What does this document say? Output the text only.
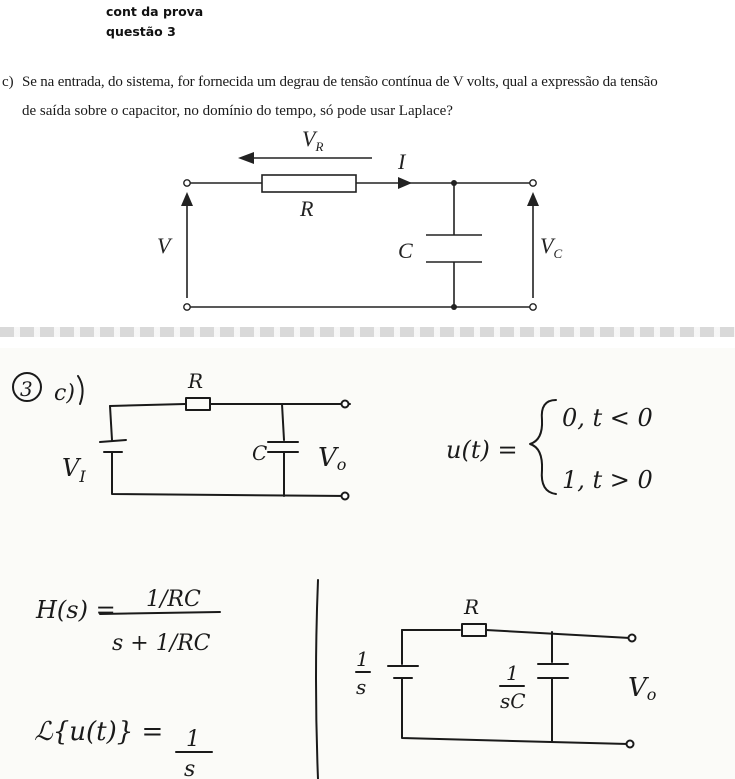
cont da prova
questão 3
c) Se na entrada, do sistema, for fornecida um degrau de tensão contínua de V volts, qual a expressão da tensão
de saída sobre o capacitor, no domínio do tempo, só pode usar Laplace?
$V_R$
I
R
V	C	$V_C$
3 c)	R
$V_I$
C Vo
u(t) =
0, t < 0
1, t > 0
H(s) = 1/RC
s + 1/RC
ℒ{u(t)} = 1
s
R
1
s
1
sC	Vo
